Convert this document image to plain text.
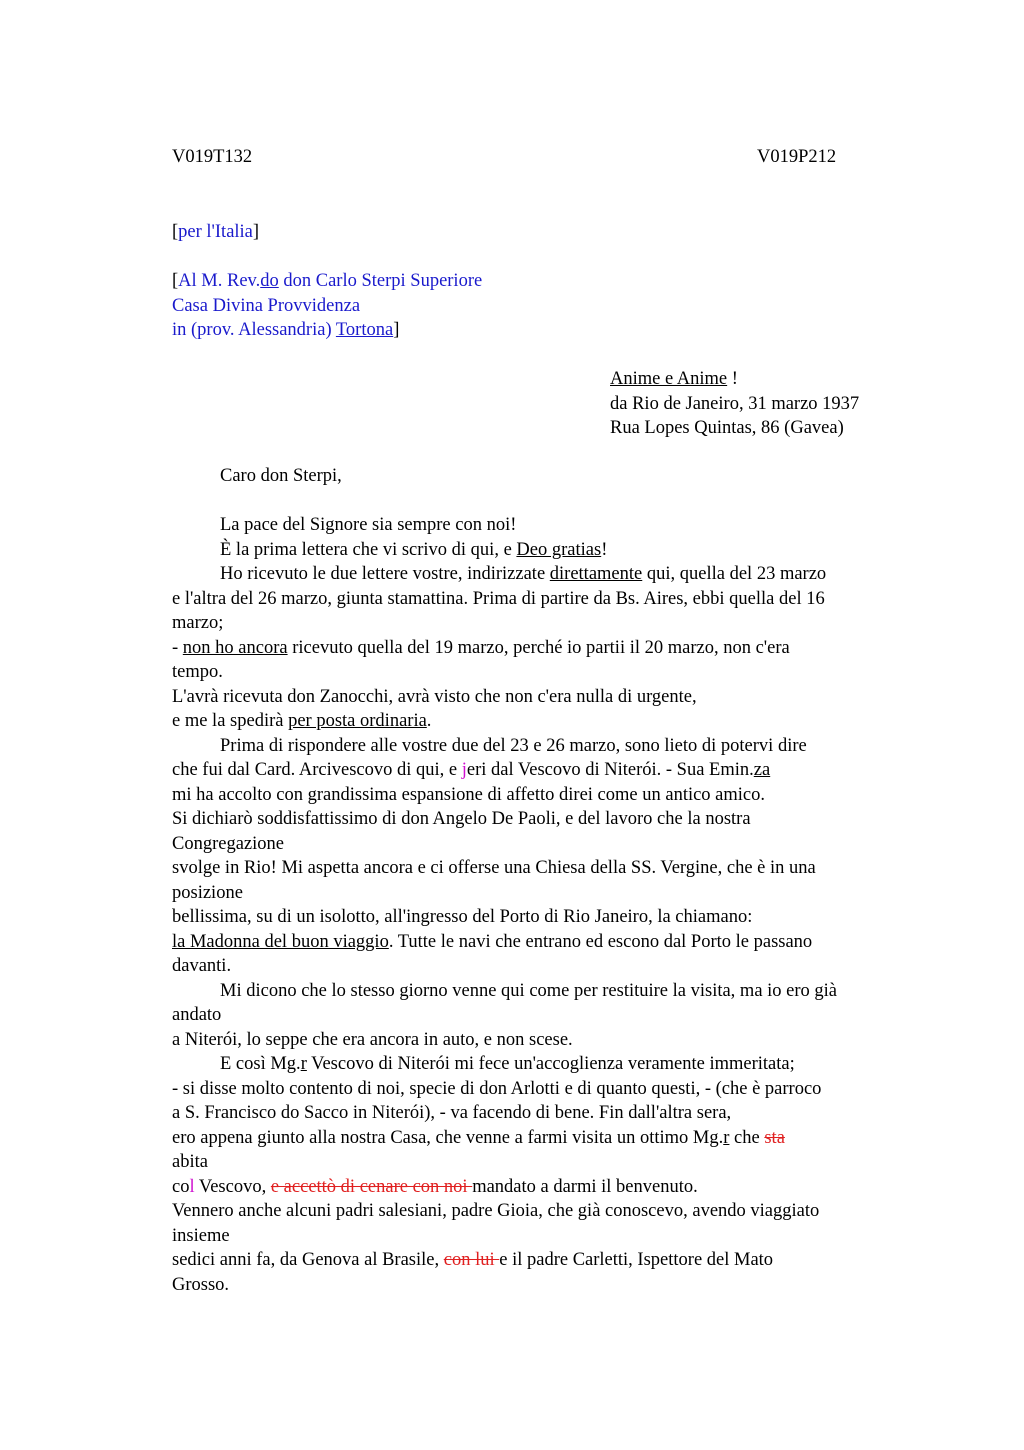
V019T132	V019P212
[per l'Italia]
[Al M. Rev.do don Carlo Sterpi Superiore
Casa Divina Provvidenza
in (prov. Alessandria) Tortona]
Anime e Anime !
da Rio de Janeiro, 31 marzo 1937
Rua Lopes Quintas, 86 (Gavea)
Caro don Sterpi,
La pace del Signore sia sempre con noi!
È la prima lettera che vi scrivo di qui, e Deo gratias!
Ho ricevuto le due lettere vostre, indirizzate direttamente qui, quella del 23 marzo
e l'altra del 26 marzo, giunta stamattina. Prima di partire da Bs. Aires, ebbi quella del 16
marzo;
- non ho ancora ricevuto quella del 19 marzo, perché io partii il 20 marzo, non c'era
tempo.
L'avrà ricevuta don Zanocchi, avrà visto che non c'era nulla di urgente,
e me la spedirà per posta ordinaria.
Prima di rispondere alle vostre due del 23 e 26 marzo, sono lieto di potervi dire
che fui dal Card. Arcivescovo di qui, e jeri dal Vescovo di Niterói. - Sua Emin.za
mi ha accolto con grandissima espansione di affetto direi come un antico amico.
Si dichiarò soddisfattissimo di don Angelo De Paoli, e del lavoro che la nostra
Congregazione
svolge in Rio! Mi aspetta ancora e ci offerse una Chiesa della SS. Vergine, che è in una
posizione
bellissima, su di un isolotto, all'ingresso del Porto di Rio Janeiro, la chiamano:
la Madonna del buon viaggio. Tutte le navi che entrano ed escono dal Porto le passano
davanti.
Mi dicono che lo stesso giorno venne qui come per restituire la visita, ma io ero già
andato
a Niterói, lo seppe che era ancora in auto, e non scese.
E così Mg.r Vescovo di Niterói mi fece un'accoglienza veramente immeritata;
- si disse molto contento di noi, specie di don Arlotti e di quanto questi, - (che è parroco
a S. Francisco do Sacco in Niterói), - va facendo di bene. Fin dall'altra sera,
ero appena giunto alla nostra Casa, che venne a farmi visita un ottimo Mg.r che sta
abita
col Vescovo, e accettò di cenare con noi mandato a darmi il benvenuto.
Vennero anche alcuni padri salesiani, padre Gioia, che già conoscevo, avendo viaggiato
insieme
sedici anni fa, da Genova al Brasile, con lui e il padre Carletti, Ispettore del Mato
Grosso.
